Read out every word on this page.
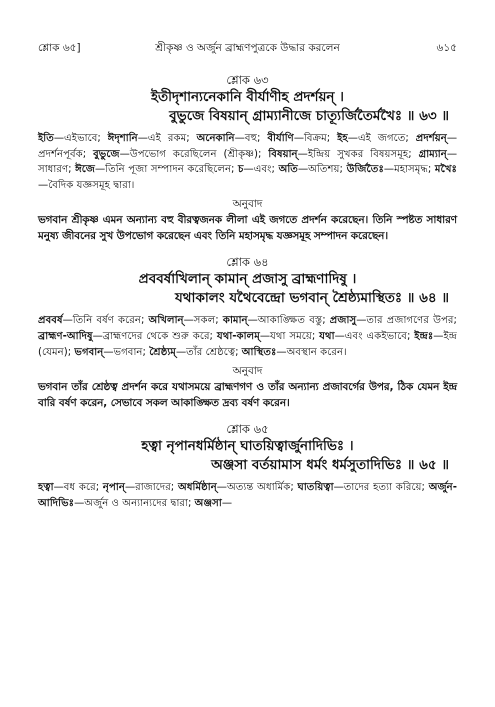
শ্লোক ৬৫]	শ্রীকৃষ্ণ ও অর্জুন ব্রাহ্মণপুত্রকে উদ্ধার করলেন	৬১৫
শ্লোক ৬৩
ইতীদৃশান্যনেকানি বীর্যাণীহ প্রদর্শয়ন্ ।
বুভুজে বিষয়ান্ গ্রাম্যানীজে চাত্যূর্জিতৈর্মখৈঃ ॥ ৬৩ ॥
ইতি—এইভাবে; ঈদৃশানি—এই রকম; অনেকানি—বহু; বীর্যাণি—বিক্রম; ইহ—এই জগতে; প্রদর্শয়ন্—প্রদর্শনপূর্বক; বুভুজে—উপভোগ করেছিলেন (শ্রীকৃষ্ণ); বিষয়ান্—ইন্দ্রিয় সুখকর বিষয়সমূহ; গ্রাম্যান্—সাধারণ; ঈজে—তিনি পূজা সম্পাদন করেছিলেন; চ—এবং; অতি—অতিশয়; উর্জিতৈঃ—মহাসমৃদ্ধ; মখৈঃ—বৈদিক যজ্ঞসমূহ দ্বারা।
অনুবাদ
ভগবান শ্রীকৃষ্ণ এমন অন্যান্য বহু বীরত্বজনক লীলা এই জগতে প্রদর্শন করেছেন। তিনি স্পষ্টত সাধারণ মনুষ্য জীবনের সুখ উপভোগ করেছেন এবং তিনি মহাসমৃদ্ধ যজ্ঞসমূহ সম্পাদন করেছেন।
শ্লোক ৬৪
প্রববর্ষাখিলান্ কামান্ প্রজাসু ব্রাহ্মণাদিষু ।
যথাকালং যথৈবেন্দ্রো ভগবান্ শ্রৈষ্ঠ্যমাস্থিতঃ ॥ ৬৪ ॥
প্রববর্ষ—তিনি বর্ষণ করেন; অখিলান্—সকল; কামান্—আকাঙ্ক্ষিত বস্তু; প্রজাসু—তার প্রজাগণের উপর; ব্রাহ্মণ-আদিষু—ব্রাহ্মণদের থেকে শুরু করে; যথা-কালম্—যথা সময়ে; যথা—এবং একইভাবে; ইন্দ্রঃ—ইন্দ্র (যেমন); ভগবান্—ভগবান; শ্রৈষ্ঠ্যম্—তাঁর শ্রেষ্ঠত্বে; আস্থিতঃ—অবস্থান করেন।
অনুবাদ
ভগবান তাঁর শ্রেষ্ঠত্ব প্রদর্শন করে যথাসময়ে ব্রাহ্মণগণ ও তাঁর অন্যান্য প্রজাবর্গের উপর, ঠিক যেমন ইন্দ্র বারি বর্ষণ করেন, সেভাবে সকল আকাঙ্ক্ষিত দ্রব্য বর্ষণ করেন।
শ্লোক ৬৫
হত্বা নৃপানধর্মিষ্ঠান্ ঘাতয়িত্বার্জুনাদিভিঃ ।
অঞ্জসা বর্তয়ামাস ধর্মং ধর্মসুতাদিভিঃ ॥ ৬৫ ॥
হত্বা—বধ করে; নৃপান্—রাজাদের; অধর্মিষ্ঠান্—অত্যন্ত অধার্মিক; ঘাতয়িত্বা—তাদের হত্যা করিয়ে; অর্জুন-আদিভিঃ—অর্জুন ও অন্যান্যদের দ্বারা; অঞ্জসা—
